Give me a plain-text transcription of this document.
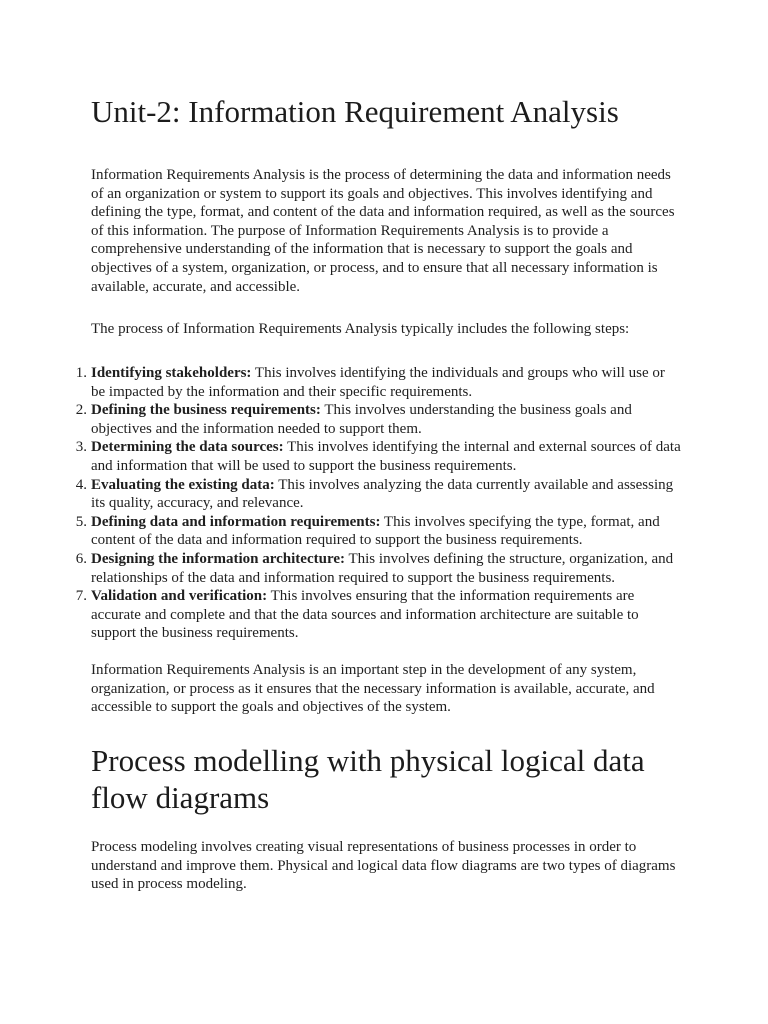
Unit-2: Information Requirement Analysis

Information Requirements Analysis is the process of determining the data and information needs of an organization or system to support its goals and objectives. This involves identifying and defining the type, format, and content of the data and information required, as well as the sources of this information. The purpose of Information Requirements Analysis is to provide a comprehensive understanding of the information that is necessary to support the goals and objectives of a system, organization, or process, and to ensure that all necessary information is available, accurate, and accessible.

The process of Information Requirements Analysis typically includes the following steps:

1. Identifying stakeholders: This involves identifying the individuals and groups who will use or be impacted by the information and their specific requirements.
2. Defining the business requirements: This involves understanding the business goals and objectives and the information needed to support them.
3. Determining the data sources: This involves identifying the internal and external sources of data and information that will be used to support the business requirements.
4. Evaluating the existing data: This involves analyzing the data currently available and assessing its quality, accuracy, and relevance.
5. Defining data and information requirements: This involves specifying the type, format, and content of the data and information required to support the business requirements.
6. Designing the information architecture: This involves defining the structure, organization, and relationships of the data and information required to support the business requirements.
7. Validation and verification: This involves ensuring that the information requirements are accurate and complete and that the data sources and information architecture are suitable to support the business requirements.

Information Requirements Analysis is an important step in the development of any system, organization, or process as it ensures that the necessary information is available, accurate, and accessible to support the goals and objectives of the system.

Process modelling with physical logical data flow diagrams

Process modeling involves creating visual representations of business processes in order to understand and improve them. Physical and logical data flow diagrams are two types of diagrams used in process modeling.
